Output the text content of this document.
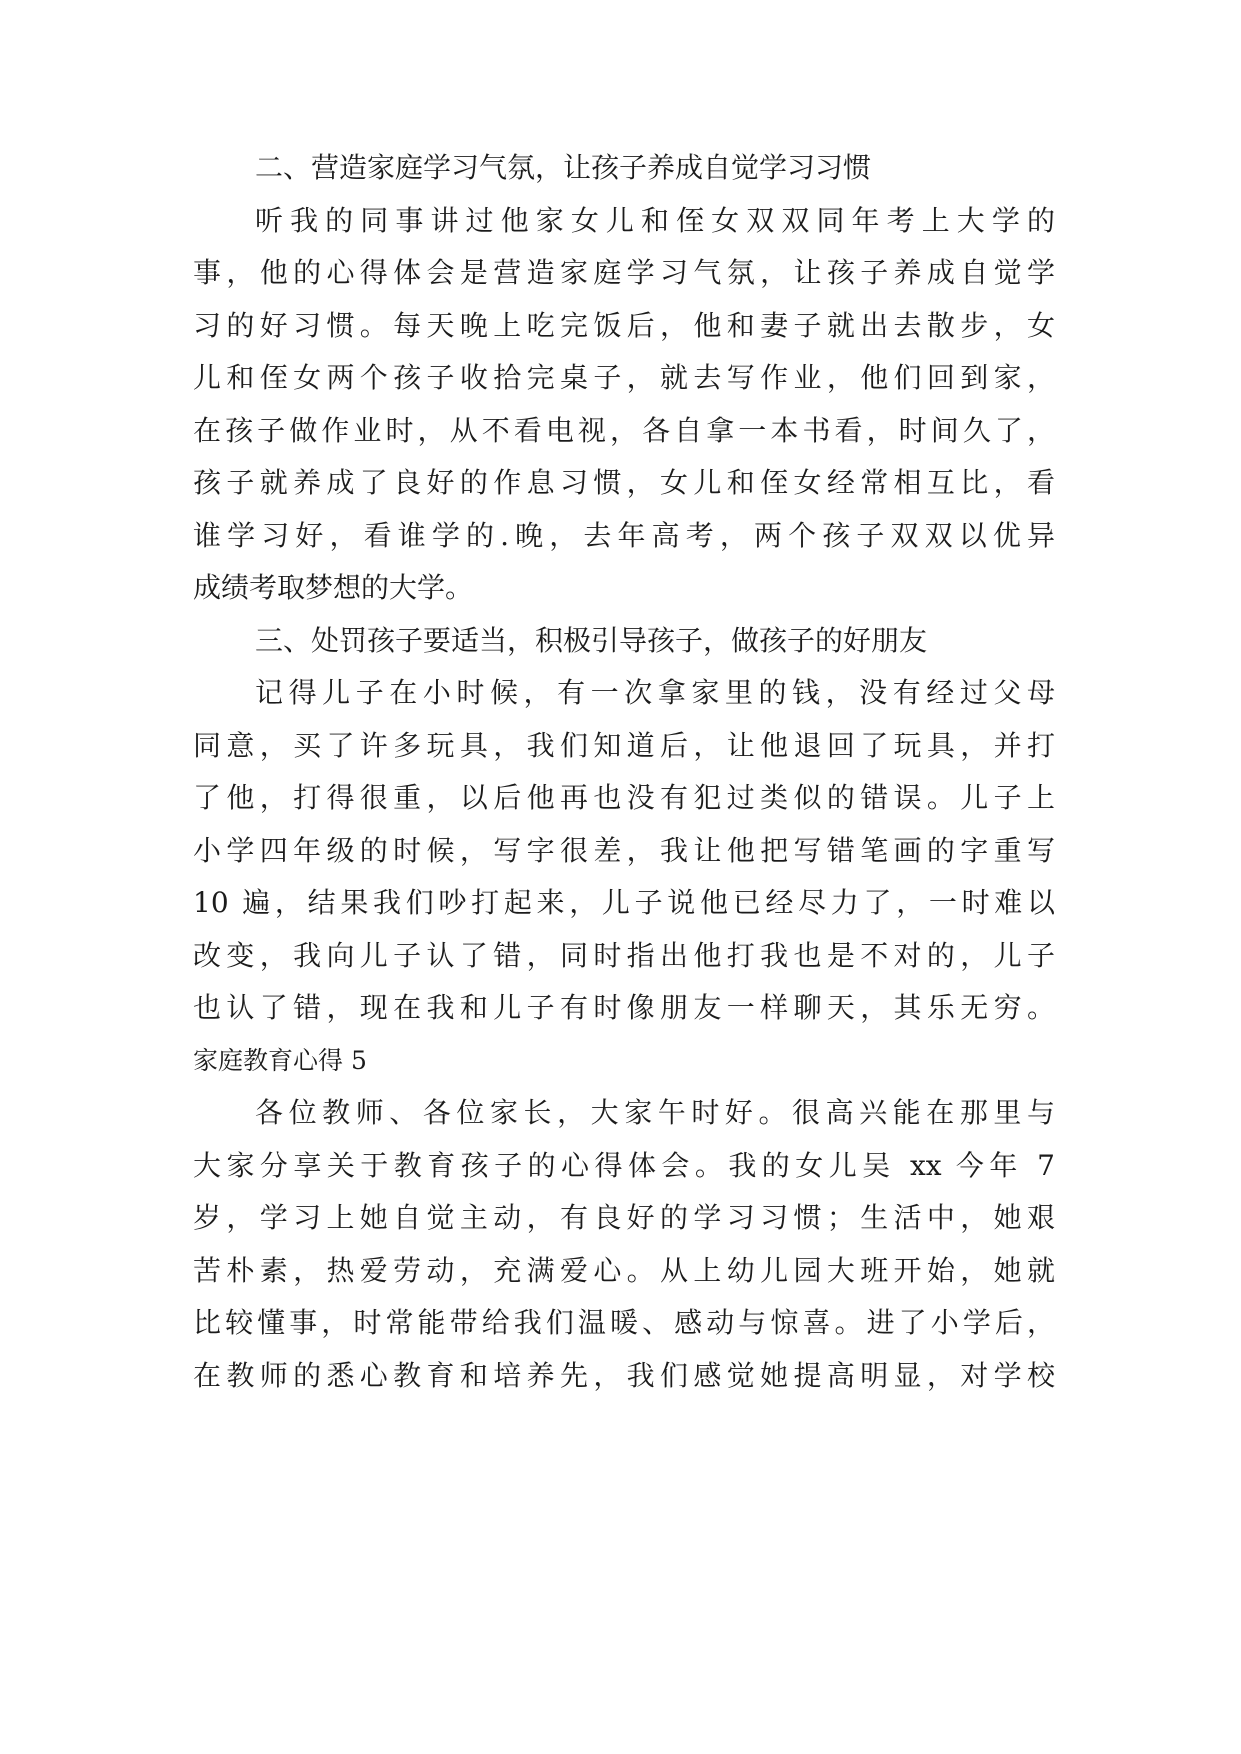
二、营造家庭学习气氛，让孩子养成自觉学习习惯
听我的同事讲过他家女儿和侄女双双同年考上大学的
事，他的心得体会是营造家庭学习气氛，让孩子养成自觉学
习的好习惯。每天晚上吃完饭后，他和妻子就出去散步，女
儿和侄女两个孩子收拾完桌子，就去写作业，他们回到家，
在孩子做作业时，从不看电视，各自拿一本书看，时间久了，
孩子就养成了良好的作息习惯，女儿和侄女经常相互比，看
谁学习好，看谁学的.晚，去年高考，两个孩子双双以优异
成绩考取梦想的大学。
三、处罚孩子要适当，积极引导孩子，做孩子的好朋友
记得儿子在小时候，有一次拿家里的钱，没有经过父母
同意，买了许多玩具，我们知道后，让他退回了玩具，并打
了他，打得很重，以后他再也没有犯过类似的错误。儿子上
小学四年级的时候，写字很差，我让他把写错笔画的字重写
10 遍，结果我们吵打起来，儿子说他已经尽力了，一时难以
改变，我向儿子认了错，同时指出他打我也是不对的，儿子
也认了错，现在我和儿子有时像朋友一样聊天，其乐无穷。
家庭教育心得 5
各位教师、各位家长，大家午时好。很高兴能在那里与
大家分享关于教育孩子的心得体会。我的女儿吴 xx 今年 7
岁，学习上她自觉主动，有良好的学习习惯；生活中，她艰
苦朴素，热爱劳动，充满爱心。从上幼儿园大班开始，她就
比较懂事，时常能带给我们温暖、感动与惊喜。进了小学后，
在教师的悉心教育和培养先，我们感觉她提高明显，对学校
